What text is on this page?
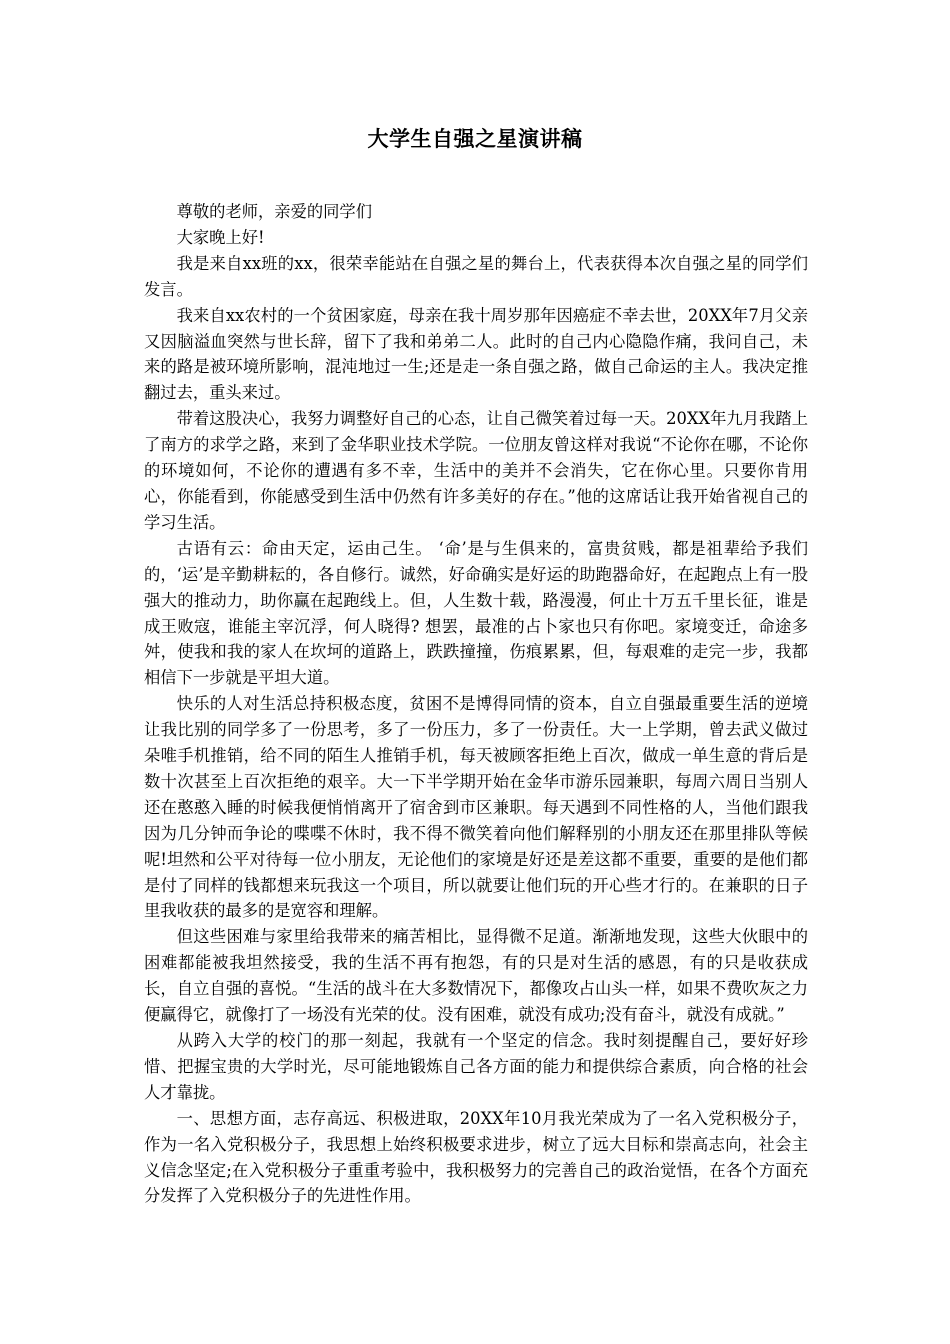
大学生自强之星演讲稿

尊敬的老师，亲爱的同学们

大家晚上好!

我是来自xx班的xx，很荣幸能站在自强之星的舞台上，代表获得本次自强之星的同学们发言。

我来自xx农村的一个贫困家庭，母亲在我十周岁那年因癌症不幸去世，20XX年7月父亲又因脑溢血突然与世长辞，留下了我和弟弟二人。此时的自己内心隐隐作痛，我问自己，未来的路是被环境所影响，混沌地过一生;还是走一条自强之路，做自己命运的主人。我决定推翻过去，重头来过。

带着这股决心，我努力调整好自己的心态，让自己微笑着过每一天。20XX年九月我踏上了南方的求学之路，来到了金华职业技术学院。一位朋友曾这样对我说“不论你在哪，不论你的环境如何，不论你的遭遇有多不幸，生活中的美并不会消失，它在你心里。只要你肯用心，你能看到，你能感受到生活中仍然有许多美好的存在。”他的这席话让我开始省视自己的学习生活。

古语有云：命由天定，运由己生。 ‘命’是与生俱来的，富贵贫贱，都是祖辈给予我们的，‘运’是辛勤耕耘的，各自修行。诚然，好命确实是好运的助跑器命好，在起跑点上有一股强大的推动力，助你赢在起跑线上。但，人生数十载，路漫漫，何止十万五千里长征，谁是成王败寇，谁能主宰沉浮，何人晓得? 想罢，最准的占卜家也只有你吧。家境变迁，命途多舛，使我和我的家人在坎坷的道路上，跌跌撞撞，伤痕累累，但，每艰难的走完一步，我都相信下一步就是平坦大道。

快乐的人对生活总持积极态度，贫困不是博得同情的资本，自立自强最重要生活的逆境让我比别的同学多了一份思考，多了一份压力，多了一份责任。大一上学期，曾去武义做过朵唯手机推销，给不同的陌生人推销手机，每天被顾客拒绝上百次，做成一单生意的背后是数十次甚至上百次拒绝的艰辛。大一下半学期开始在金华市游乐园兼职，每周六周日当别人还在憨憨入睡的时候我便悄悄离开了宿舍到市区兼职。每天遇到不同性格的人，当他们跟我因为几分钟而争论的喋喋不休时，我不得不微笑着向他们解释别的小朋友还在那里排队等候呢!坦然和公平对待每一位小朋友，无论他们的家境是好还是差这都不重要，重要的是他们都是付了同样的钱都想来玩我这一个项目，所以就要让他们玩的开心些才行的。在兼职的日子里我收获的最多的是宽容和理解。

但这些困难与家里给我带来的痛苦相比，显得微不足道。渐渐地发现，这些大伙眼中的困难都能被我坦然接受，我的生活不再有抱怨，有的只是对生活的感恩，有的只是收获成长，自立自强的喜悦。“生活的战斗在大多数情况下，都像攻占山头一样，如果不费吹灰之力便赢得它，就像打了一场没有光荣的仗。没有困难，就没有成功;没有奋斗，就没有成就。”

从跨入大学的校门的那一刻起，我就有一个坚定的信念。我时刻提醒自己，要好好珍惜、把握宝贵的大学时光，尽可能地锻炼自己各方面的能力和提供综合素质，向合格的社会人才靠拢。

一、思想方面，志存高远、积极进取，20XX年10月我光荣成为了一名入党积极分子，作为一名入党积极分子，我思想上始终积极要求进步，树立了远大目标和崇高志向，社会主义信念坚定;在入党积极分子重重考验中，我积极努力的完善自己的政治觉悟，在各个方面充分发挥了入党积极分子的先进性作用。
